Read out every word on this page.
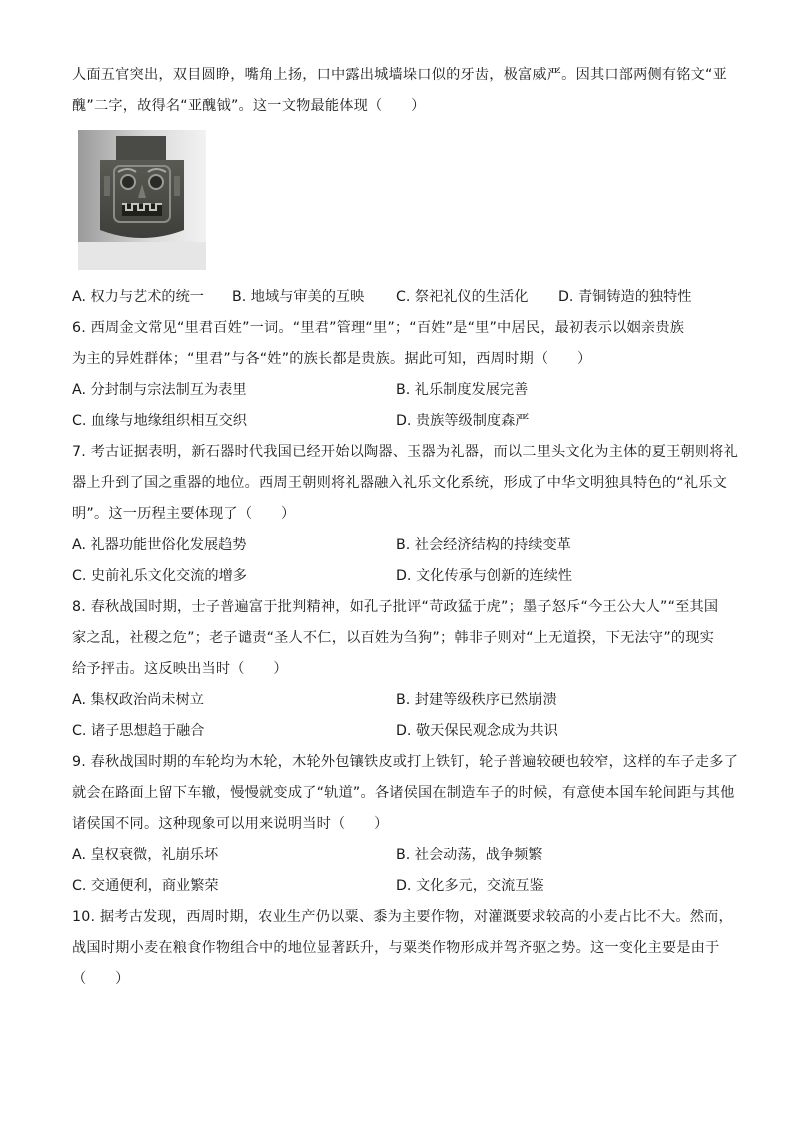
人面五官突出，双目圆睁，嘴角上扬，口中露出城墙垛口似的牙齿，极富威严。因其口部两侧有铭文“亚
醜”二字，故得名“亚醜钺”。这一文物最能体现（　　）
A. 权力与艺术的统一 B. 地域与审美的互映 C. 祭祀礼仪的生活化 D. 青铜铸造的独特性
6. 西周金文常见“里君百姓”一词。“里君”管理“里”；“百姓”是“里”中居民，最初表示以姻亲贵族
为主的异姓群体；“里君”与各“姓”的族长都是贵族。据此可知，西周时期（　　）
A. 分封制与宗法制互为表里	B. 礼乐制度发展完善
C. 血缘与地缘组织相互交织	D. 贵族等级制度森严
7. 考古证据表明，新石器时代我国已经开始以陶器、玉器为礼器，而以二里头文化为主体的夏王朝则将礼
器上升到了国之重器的地位。西周王朝则将礼器融入礼乐文化系统，形成了中华文明独具特色的“礼乐文
明”。这一历程主要体现了（　　）
A. 礼器功能世俗化发展趋势	B. 社会经济结构的持续变革
C. 史前礼乐文化交流的增多	D. 文化传承与创新的连续性
8. 春秋战国时期，士子普遍富于批判精神，如孔子批评“苛政猛于虎”；墨子怒斥“今王公大人”“至其国
家之乱，社稷之危”；老子谴责“圣人不仁，以百姓为刍狗”；韩非子则对“上无道揆，下无法守”的现实
给予抨击。这反映出当时（　　）
A. 集权政治尚未树立	B. 封建等级秩序已然崩溃
C. 诸子思想趋于融合	D. 敬天保民观念成为共识
9. 春秋战国时期的车轮均为木轮，木轮外包镶铁皮或打上铁钉，轮子普遍较硬也较窄，这样的车子走多了
就会在路面上留下车辙，慢慢就变成了“轨道”。各诸侯国在制造车子的时候，有意使本国车轮间距与其他
诸侯国不同。这种现象可以用来说明当时（　　）
A. 皇权衰微，礼崩乐坏	B. 社会动荡，战争频繁
C. 交通便利，商业繁荣	D. 文化多元，交流互鉴
10. 据考古发现，西周时期，农业生产仍以粟、黍为主要作物，对灌溉要求较高的小麦占比不大。然而，
战国时期小麦在粮食作物组合中的地位显著跃升，与粟类作物形成并驾齐驱之势。这一变化主要是由于
（　　）
